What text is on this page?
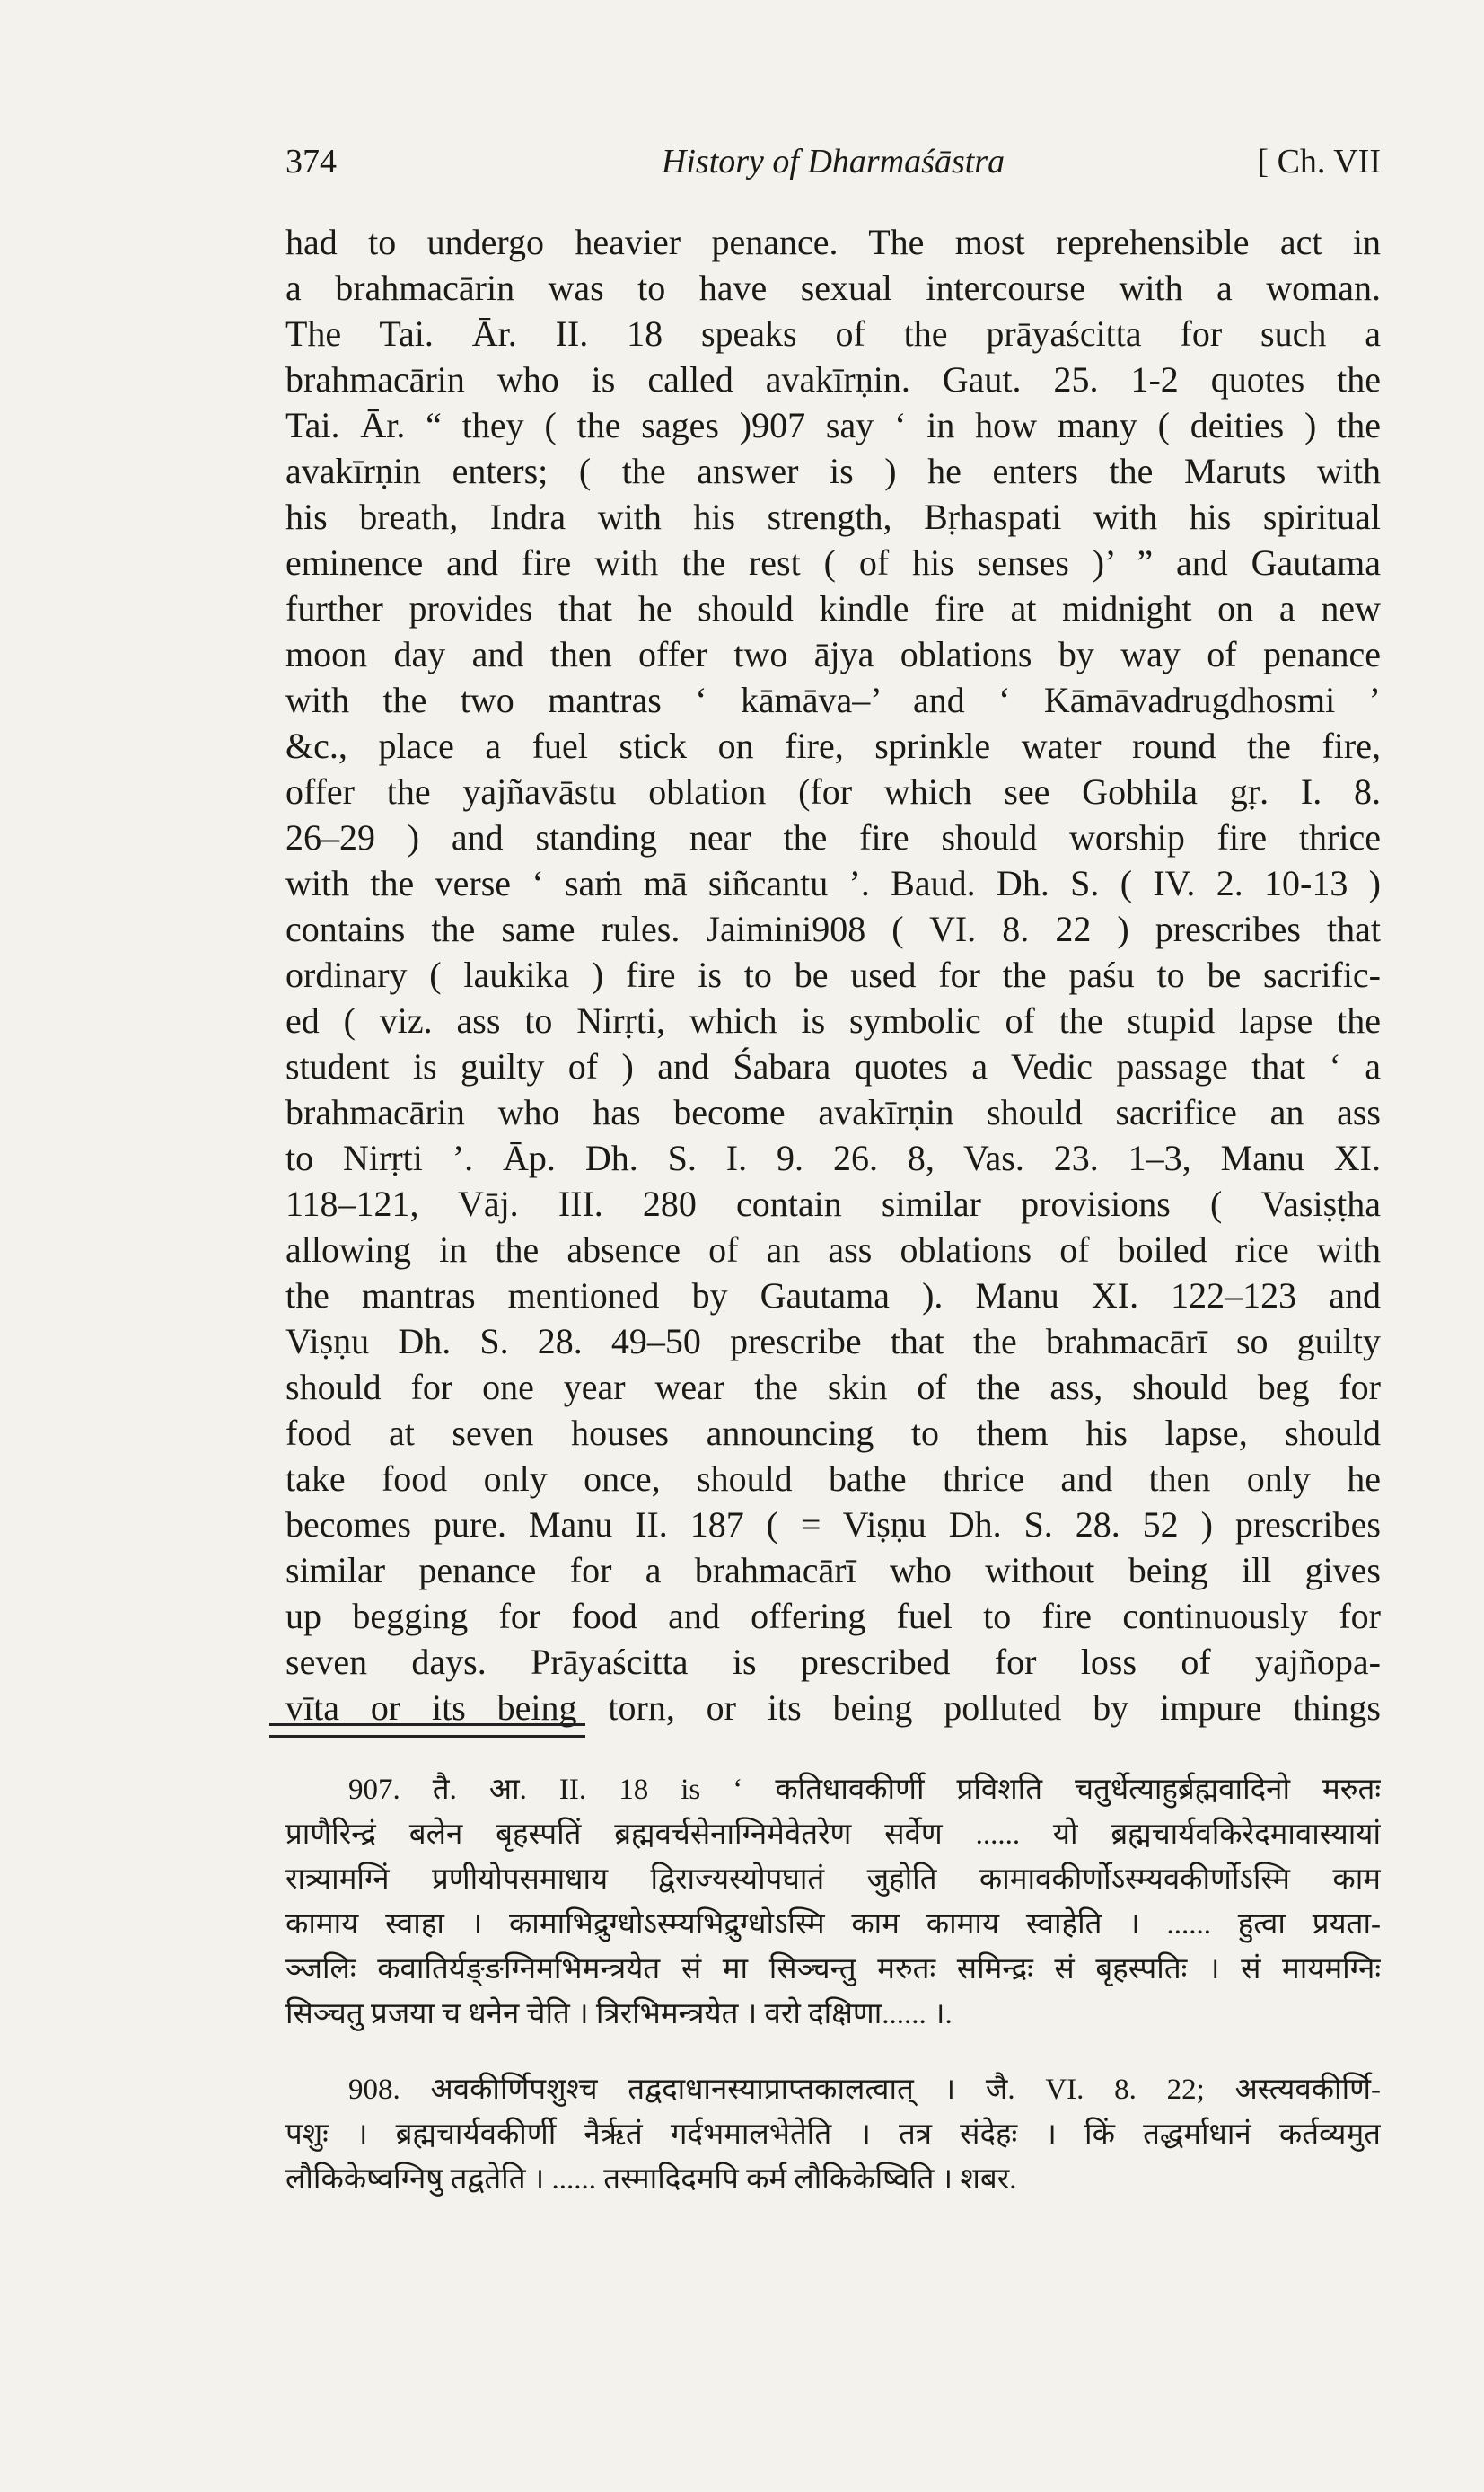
374	History of Dharmaśāstra	[ Ch. VII
had to undergo heavier penance. The most reprehensible act in
a brahmacārin was to have sexual intercourse with a woman.
The Tai. Ār. II. 18 speaks of the prāyaścitta for such a
brahmacārin who is called avakīrṇin. Gaut. 25. 1-2 quotes the
Tai. Ār. “ they ( the sages )907 say ‘ in how many ( deities ) the
avakīrṇin enters; ( the answer is ) he enters the Maruts with
his breath, Indra with his strength, Bṛhaspati with his spiritual
eminence and fire with the rest ( of his senses )’ ” and Gautama
further provides that he should kindle fire at midnight on a new
moon day and then offer two ājya oblations by way of penance
with the two mantras ‘ kāmāva–’ and ‘ Kāmāvadrugdhosmi ’
&c., place a fuel stick on fire, sprinkle water round the fire,
offer the yajñavāstu oblation (for which see Gobhila gṛ. I. 8.
26–29 ) and standing near the fire should worship fire thrice
with the verse ‘ saṁ mā siñcantu ’. Baud. Dh. S. ( IV. 2. 10-13 )
contains the same rules. Jaimini908 ( VI. 8. 22 ) prescribes that
ordinary ( laukika ) fire is to be used for the paśu to be sacrific-
ed ( viz. ass to Nirṛti, which is symbolic of the stupid lapse the
student is guilty of ) and Śabara quotes a Vedic passage that ‘ a
brahmacārin who has become avakīrṇin should sacrifice an ass
to Nirṛti ’. Āp. Dh. S. I. 9. 26. 8, Vas. 23. 1–3, Manu XI.
118–121, Vāj. III. 280 contain similar provisions ( Vasiṣṭha
allowing in the absence of an ass oblations of boiled rice with
the mantras mentioned by Gautama ). Manu XI. 122–123 and
Viṣṇu Dh. S. 28. 49–50 prescribe that the brahmacārī so guilty
should for one year wear the skin of the ass, should beg for
food at seven houses announcing to them his lapse, should
take food only once, should bathe thrice and then only he
becomes pure. Manu II. 187 ( = Viṣṇu Dh. S. 28. 52 ) prescribes
similar penance for a brahmacārī who without being ill gives
up begging for food and offering fuel to fire continuously for
seven days. Prāyaścitta is prescribed for loss of yajñopa-
vīta or its being torn, or its being polluted by impure things
907. तै. आ. II. 18 is ‘ कतिधावकीर्णी प्रविशति चतुर्धेत्याहुर्ब्रह्मवादिनो मरुतः
प्राणैरिन्द्रं बलेन बृहस्पतिं ब्रह्मवर्चसेनाग्निमेवेतरेण सर्वेण ...... यो ब्रह्मचार्यवकिरेदमावास्यायां
रात्र्यामग्निं प्रणीयोपसमाधाय द्विराज्यस्योपघातं जुहोति कामावकीर्णोऽस्म्यवकीर्णोऽस्मि काम
कामाय स्वाहा । कामाभिद्रुग्धोऽस्म्यभिद्रुग्धोऽस्मि काम कामाय स्वाहेति । ...... हुत्वा प्रयता-
ञ्जलिः कवातिर्यङ्ङग्निमभिमन्त्रयेत सं मा सिञ्चन्तु मरुतः समिन्द्रः सं बृहस्पतिः । सं मायमग्निः
सिञ्चतु प्रजया च धनेन चेति । त्रिरभिमन्त्रयेत । वरो दक्षिणा...... ।.
908. अवकीर्णिपशुश्च तद्वदाधानस्याप्राप्तकालत्वात् । जै. VI. 8. 22; अस्त्यवकीर्णि-
पशुः । ब्रह्मचार्यवकीर्णी नैर्ऋतं गर्दभमालभेतेति । तत्र संदेहः । किं तद्धर्माधानं कर्तव्यमुत
लौकिकेष्वग्निषु तद्वतेति । ...... तस्मादिदमपि कर्म लौकिकेष्विति । शबर.
